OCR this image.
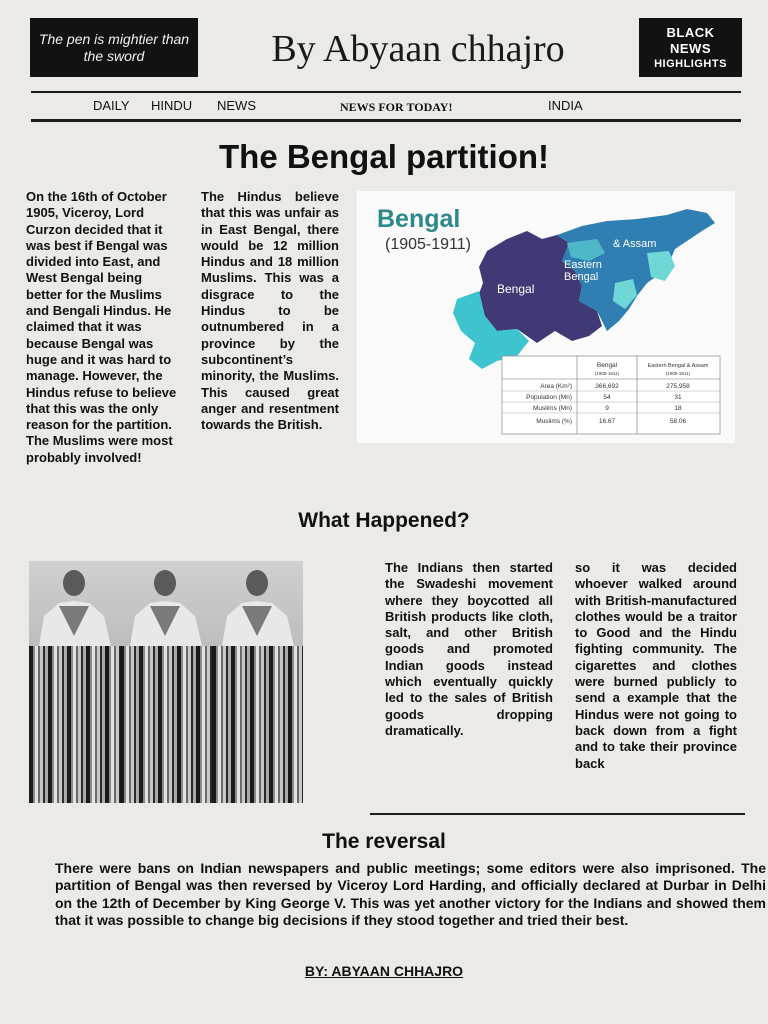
The pen is mightier than the sword	By Abyaan chhajro	BLACK
NEWS
HIGHLIGHTS
DAILY HINDU NEWS	NEWS FOR TODAY!	INDIA
The Bengal partition!
On the 16th of October 1905, Viceroy, Lord Curzon decided that it was best if Bengal was divided into East, and West Bengal being better for the Muslims and Bengali Hindus. He claimed that it was because Bengal was huge and it was hard to manage. However, the Hindus refuse to believe that this was the only reason for the partition. The Muslims were most probably involved!
The Hindus believe that this was unfair as in East Bengal, there would be 12 million Hindus and 18 million Muslims. This was a disgrace to the Hindus to be outnumbered in a province by the subcontinent’s minority, the Muslims. This caused great anger and resentment towards the British.
Bengal
(1905-1911)
Bengal
Eastern
Bengal
& Assam
Bengal
(1905-1911)
Eastern Bengal & Assam
(1905-1911)
Area (Km²)	366,692	275,958
Population (Mn)	54	31
Muslims (Mn)	9	18
Muslims (%)	16.67	58.06
What Happened?
The Indians then started the Swadeshi movement where they boycotted all British products like cloth, salt, and other British goods and promoted Indian goods instead which eventually quickly led to the sales of British goods dropping dramatically.
so it was decided whoever walked around with British-manufactured clothes would be a traitor to Good and the Hindu fighting community. The cigarettes and clothes were burned publicly to send a example that the Hindus were not going to back down from a fight and to take their province back
The reversal
There were bans on Indian newspapers and public meetings; some editors were also imprisoned. The partition of Bengal was then reversed by Viceroy Lord Harding, and officially declared at Durbar in Delhi on the 12th of December by King George V. This was yet another victory for the Indians and showed them that it was possible to change big decisions if they stood together and tried their best.
BY: ABYAAN CHHAJRO
